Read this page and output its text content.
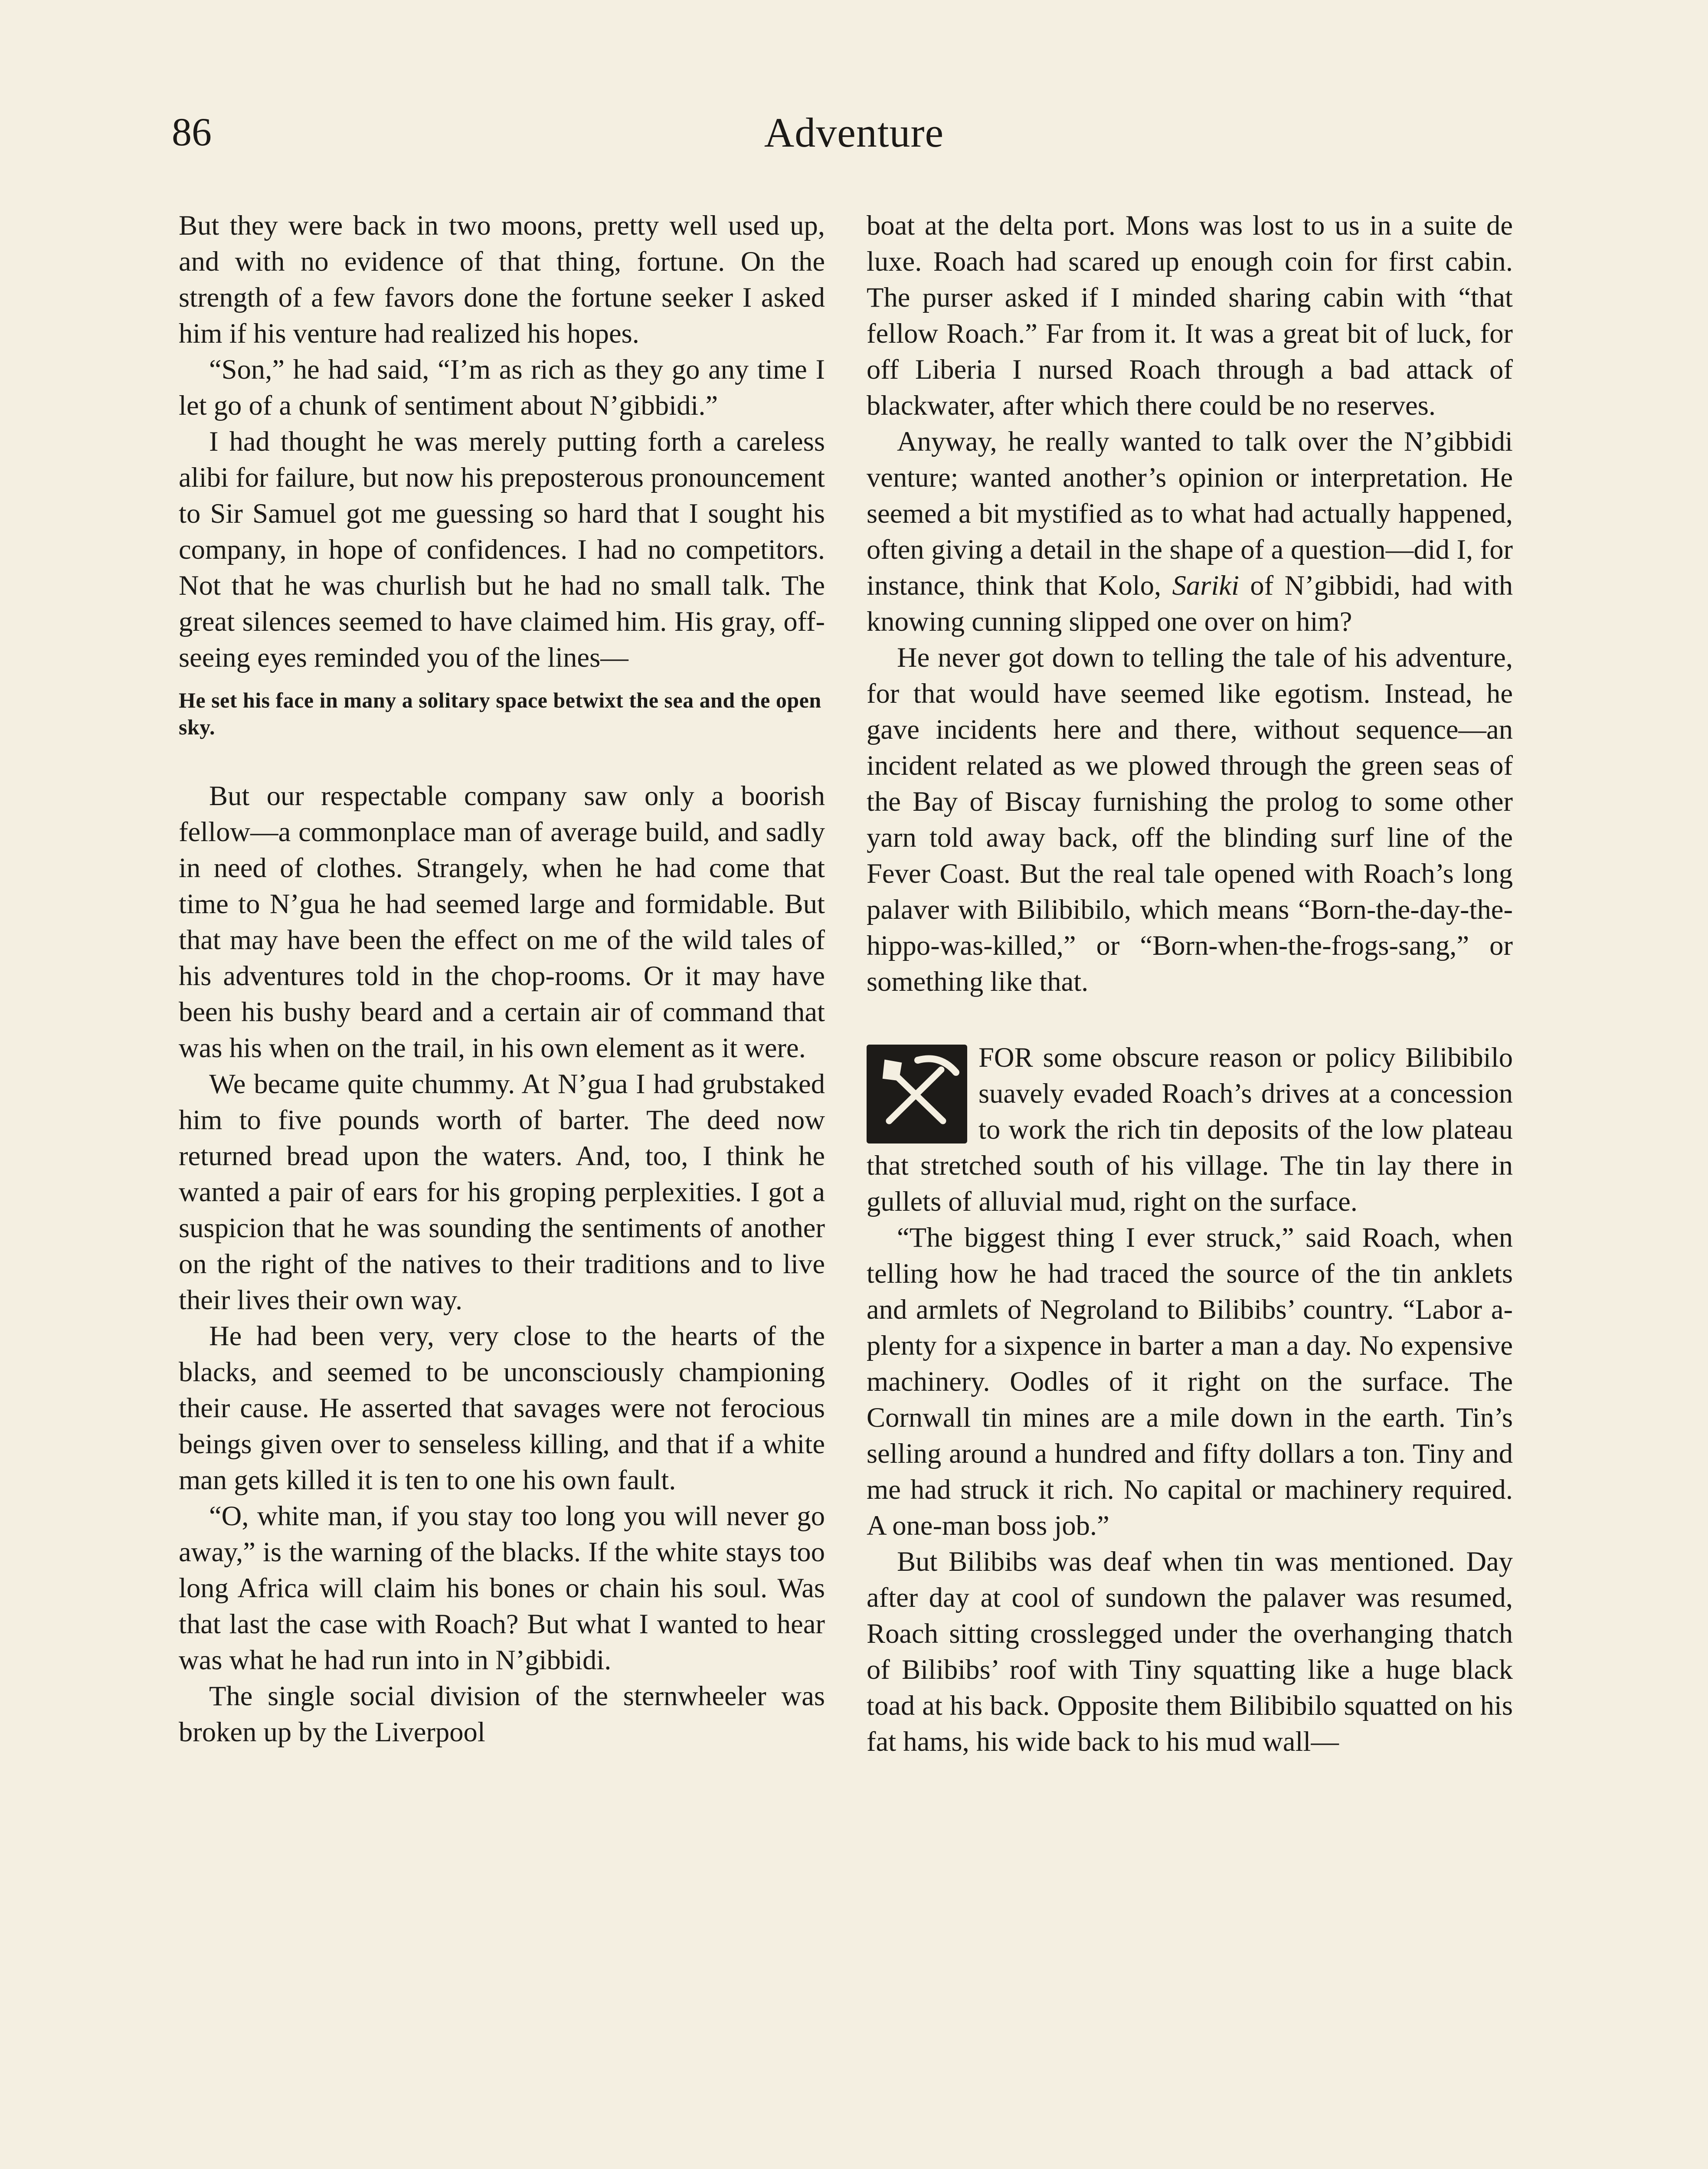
86	Adventure

But they were back in two moons, pretty well used up, and with no evidence of that thing, fortune. On the strength of a few favors done the fortune seeker I asked him if his venture had realized his hopes.

“Son,” he had said, “I’m as rich as they go any time I let go of a chunk of sentiment about N’gibbidi.”

I had thought he was merely putting forth a careless alibi for failure, but now his preposterous pronouncement to Sir Samuel got me guessing so hard that I sought his company, in hope of confidences. I had no competitors. Not that he was churlish but he had no small talk. The great silences seemed to have claimed him. His gray, off-seeing eyes reminded you of the lines—

He set his face in many a solitary space betwixt the sea and the open sky.

But our respectable company saw only a boorish fellow—a commonplace man of average build, and sadly in need of clothes. Strangely, when he had come that time to N’gua he had seemed large and formidable. But that may have been the effect on me of the wild tales of his adventures told in the chop-rooms. Or it may have been his bushy beard and a certain air of command that was his when on the trail, in his own element as it were.

We became quite chummy. At N’gua I had grubstaked him to five pounds worth of barter. The deed now returned bread upon the waters. And, too, I think he wanted a pair of ears for his groping perplexities. I got a suspicion that he was sounding the sentiments of another on the right of the natives to their traditions and to live their lives their own way.

He had been very, very close to the hearts of the blacks, and seemed to be unconsciously championing their cause. He asserted that savages were not ferocious beings given over to senseless killing, and that if a white man gets killed it is ten to one his own fault.

“O, white man, if you stay too long you will never go away,” is the warning of the blacks. If the white stays too long Africa will claim his bones or chain his soul. Was that last the case with Roach? But what I wanted to hear was what he had run into in N’gibbidi.

The single social division of the sternwheeler was broken up by the Liverpool

boat at the delta port. Mons was lost to us in a suite de luxe. Roach had scared up enough coin for first cabin. The purser asked if I minded sharing cabin with “that fellow Roach.” Far from it. It was a great bit of luck, for off Liberia I nursed Roach through a bad attack of blackwater, after which there could be no reserves.

Anyway, he really wanted to talk over the N’gibbidi venture; wanted another’s opinion or interpretation. He seemed a bit mystified as to what had actually happened, often giving a detail in the shape of a question—did I, for instance, think that Kolo, Sariki of N’gibbidi, had with knowing cunning slipped one over on him?

He never got down to telling the tale of his adventure, for that would have seemed like egotism. Instead, he gave incidents here and there, without sequence—an incident related as we plowed through the green seas of the Bay of Biscay furnishing the prolog to some other yarn told away back, off the blinding surf line of the Fever Coast. But the real tale opened with Roach’s long palaver with Bilibibilo, which means “Born-the-day-the-hippo-was-killed,” or “Born-when-the-frogs-sang,” or something like that.

FOR some obscure reason or policy Bilibibilo suavely evaded Roach’s drives at a concession to work the rich tin deposits of the low plateau that stretched south of his village. The tin lay there in gullets of alluvial mud, right on the surface.

“The biggest thing I ever struck,” said Roach, when telling how he had traced the source of the tin anklets and armlets of Negroland to Bilibibs’ country. “Labor a-plenty for a sixpence in barter a man a day. No expensive machinery. Oodles of it right on the surface. The Cornwall tin mines are a mile down in the earth. Tin’s selling around a hundred and fifty dollars a ton. Tiny and me had struck it rich. No capital or machinery required. A one-man boss job.”

But Bilibibs was deaf when tin was mentioned. Day after day at cool of sundown the palaver was resumed, Roach sitting crosslegged under the overhanging thatch of Bilibibs’ roof with Tiny squatting like a huge black toad at his back. Opposite them Bilibibilo squatted on his fat hams, his wide back to his mud wall—
